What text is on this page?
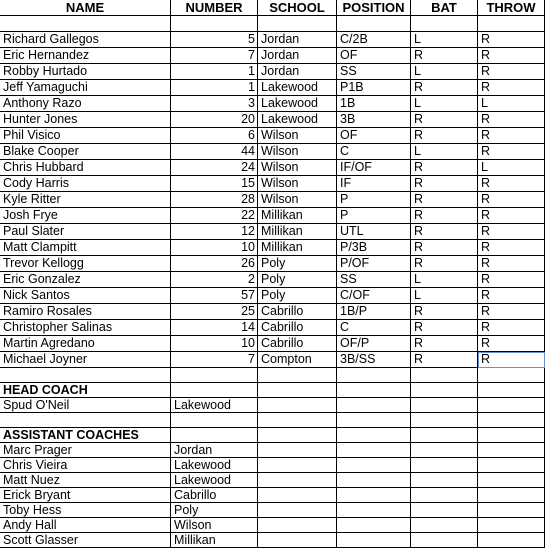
NAME	NUMBER	SCHOOL	POSITION	BAT	THROW
Richard Gallegos	5 Jordan	C/2B	L	R
Eric Hernandez	7 Jordan	OF	R	R
Robby Hurtado	1 Jordan	SS	L	R
Jeff Yamaguchi	1 Lakewood	P1B	R	R
Anthony Razo	3 Lakewood	1B	L	L
Hunter Jones	20 Lakewood	3B	R	R
Phil Visico	6 Wilson	OF	R	R
Blake Cooper	44 Wilson	C	L	R
Chris Hubbard	24 Wilson	IF/OF	R	L
Cody Harris	15 Wilson	IF	R	R
Kyle Ritter	28 Wilson	P	R	R
Josh Frye	22 Millikan	P	R	R
Paul Slater	12 Millikan	UTL	R	R
Matt Clampitt	10 Millikan	P/3B	R	R
Trevor Kellogg	26 Poly	P/OF	R	R
Eric Gonzalez	2 Poly	SS	L	R
Nick Santos	57 Poly	C/OF	L	R
Ramiro Rosales	25 Cabrillo	1B/P	R	R
Christopher Salinas	14 Cabrillo	C	R	R
Martin Agredano	10 Cabrillo	OF/P	R	R
Michael Joyner	7 Compton	3B/SS	R	R
HEAD COACH
Spud O'Neil	Lakewood
ASSISTANT COACHES
Marc Prager	Jordan
Chris Vieira	Lakewood
Matt Nuez	Lakewood
Erick Bryant	Cabrillo
Toby Hess	Poly
Andy Hall	Wilson
Scott Glasser	Millikan
